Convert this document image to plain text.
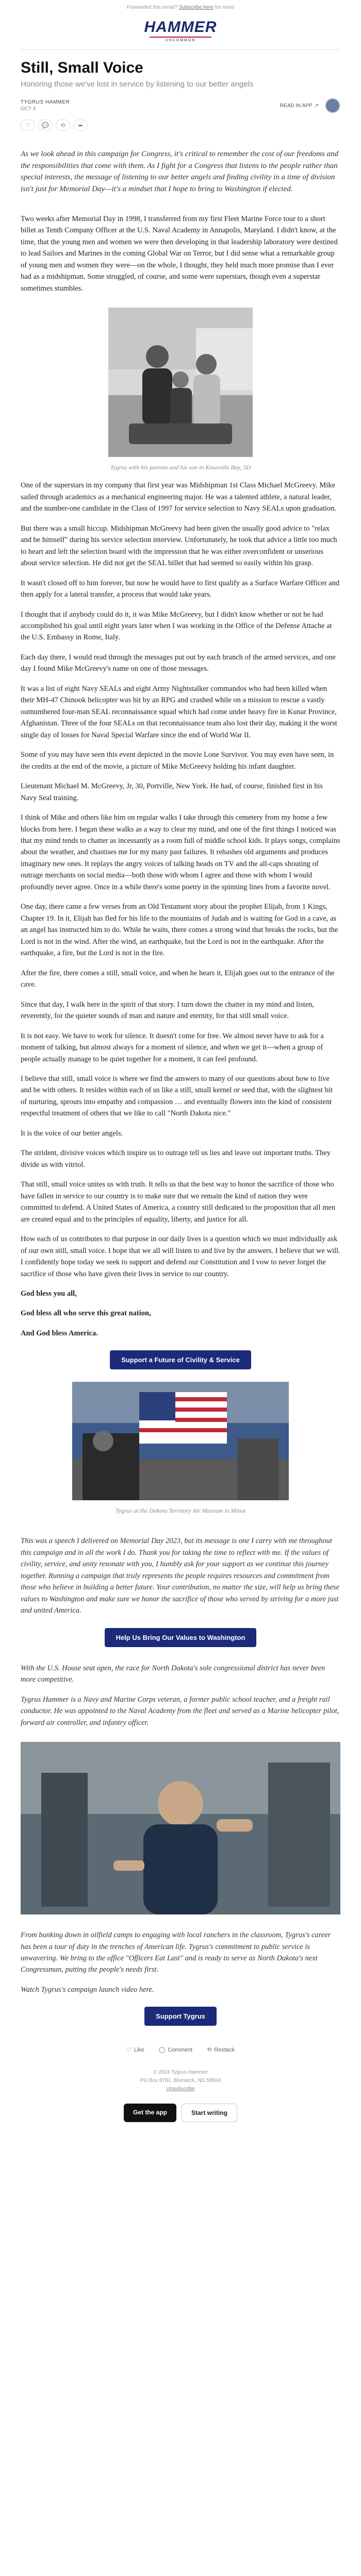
Forwarded this email? Subscribe here for more
HAMMER
UNCOMMON
Still, Small Voice
Honoring those we've lost in service by listening to our better angels
TYGRUS HAMMER
OCT 4
READ IN APP ↗
♡	💬	⟲	➦

As we look ahead in this campaign for Congress, it's critical to remember the cost of our freedoms and the responsibilities that come with them. As I fight for a Congress that listens to the people rather than special interests, the message of listening to our better angels and finding civility in a time of division isn't just for Memorial Day—it's a mindset that I hope to bring to Washington if elected.

Two weeks after Memorial Day in 1998, I transferred from my first Fleet Marine Force tour to a short billet as Tenth Company Officer at the U.S. Naval Academy in Annapolis, Maryland. I didn't know, at the time, that the young men and women we were then developing in that leadership laboratory were destined to lead Sailors and Marines in the coming Global War on Terror, but I did sense what a remarkable group of young men and women they were—on the whole, I thought, they held much more promise than I ever had as a midshipman. Some struggled, of course, and some were superstars, though even a superstar sometimes stumbles.

Tygrus with his parents and his son in Knoxville Bay, SD

One of the superstars in my company that first year was Midshipman 1st Class Michael McGreevy. Mike sailed through academics as a mechanical engineering major. He was a talented athlete, a natural leader, and the number-one candidate in the Class of 1997 for service selection to Navy SEALs upon graduation.

But there was a small hiccup. Midshipman McGreevy had been given the usually good advice to "relax and be himself" during his service selection interview. Unfortunately, he took that advice a little too much to heart and left the selection board with the impression that he was either overconfident or unserious about service selection. He did not get the SEAL billet that had seemed so easily within his grasp.

It wasn't closed off to him forever, but now he would have to first qualify as a Surface Warfare Officer and then apply for a lateral transfer, a process that would take years.

I thought that if anybody could do it, it was Mike McGreevy, but I didn't know whether or not he had accomplished his goal until eight years later when I was working in the Office of the Defense Attache at the U.S. Embassy in Rome, Italy.

Each day there, I would read through the messages put out by each branch of the armed services, and one day I found Mike McGreevy's name on one of those messages.

It was a list of eight Navy SEALs and eight Army Nightstalker commandos who had been killed when their MH-47 Chinook helicopter was hit by an RPG and crashed while on a mission to rescue a vastly outnumbered four-man SEAL reconnaissance squad which had come under heavy fire in Kunar Province, Afghanistan. Three of the four SEALs on that reconnaissance team also lost their day, making it the worst single day of losses for Naval Special Warfare since the end of World War II.

Some of you may have seen this event depicted in the movie Lone Survivor. You may even have seen, in the credits at the end of the movie, a picture of Mike McGreevy holding his infant daughter.

Lieutenant Michael M. McGreevy, Jr, 30, Portville, New York. He had, of course, finished first in his Navy Seal training.

I think of Mike and others like him on regular walks I take through this cemetery from my home a few blocks from here. I began these walks as a way to clear my mind, and one of the first things I noticed was that my mind tends to chatter as incessantly as a room full of middle school kids. It plays songs, complains about the weather, and chastises me for my many past failures. It rehashes old arguments and produces imaginary new ones. It replays the angry voices of talking heads on TV and the all-caps shouting of outrage merchants on social media—both those with whom I agree and those with whom I would profoundly never agree. Once in a while there's some poetry in the spinning lines from a favorite novel.

One day, there came a few verses from an Old Testament story about the prophet Elijah, from 1 Kings, Chapter 19. In it, Elijah has fled for his life to the mountains of Judah and is waiting for God in a cave, as an angel has instructed him to do. While he waits, there comes a strong wind that breaks the rocks, but the Lord is not in the wind. After the wind, an earthquake, but the Lord is not in the earthquake. After the earthquake, a fire, but the Lord is not in the fire.

After the fire, there comes a still, small voice, and when he hears it, Elijah goes out to the entrance of the cave.

Since that day, I walk here in the spirit of that story. I turn down the chatter in my mind and listen, reverently, for the quieter sounds of man and nature and eternity, for that still small voice.

It is not easy. We have to work for silence. It doesn't come for free. We almost never have to ask for a moment of talking, but almost always for a moment of silence, and when we get it—when a group of people actually manage to be quiet together for a moment, it can feel profound.

I believe that still, small voice is where we find the answers to many of our questions about how to live and be with others. It resides within each of us like a still, small kernel or seed that, with the slightest bit of nurturing, sprouts into empathy and compassion … and eventually flowers into the kind of consistent respectful treatment of others that we like to call "North Dakota nice."

It is the voice of our better angels.

The strident, divisive voices which inspire us to outrage tell us lies and leave out important truths. They divide us with vitriol.

That still, small voice unites us with truth. It tells us that the best way to honor the sacrifice of those who have fallen in service to our country is to make sure that we remain the kind of nation they were committed to defend. A United States of America, a country still dedicated to the proposition that all men are created equal and to the principles of equality, liberty, and justice for all.

How each of us contributes to that purpose in our daily lives is a question which we must individually ask of our own still, small voice. I hope that we all will listen to and live by the answers. I believe that we will. I confidently hope today we seek to support and defend our Constitution and I vow to never forget the sacrifice of those who have given their lives in service to our country.

God bless you all,

God bless all who serve this great nation,

And God bless America.

Support a Future of Civility & Service
Tygrus at the Dakota Territory Air Museum in Minot

This was a speech I delivered on Memorial Day 2023, but its message is one I carry with me throughout this campaign and in all the work I do. Thank you for taking the time to reflect with me. If the values of civility, service, and unity resonate with you, I humbly ask for your support as we continue this journey together. Running a campaign that truly represents the people requires resources and commitment from those who believe in building a better future. Your contribution, no matter the size, will help us bring these values to Washington and make sure we honor the sacrifice of those who served by striving for a more just and united America.

Help Us Bring Our Values to Washington

With the U.S. House seat open, the race for North Dakota's sole congressional district has never been more competitive.

Tygrus Hammer is a Navy and Marine Corps veteran, a former public school teacher, and a freight rail conductor. He was appointed to the Naval Academy from the fleet and served as a Marine helicopter pilot, forward air controller, and infantry officer.

From bunking down in oilfield camps to engaging with local ranchers in the classroom, Tygrus's career has been a tour of duty in the trenches of American life. Tygrus's commitment to public service is unwavering. We bring to the office "Officers Eat Last" and is ready to serve as North Dakota's next Congressman, putting the people's needs first.

Watch Tygrus's campaign launch video here.

Support Tygrus
♡ Like	◯ Comment	⟲ Restack
© 2024 Tygrus Hammer
PO Box 8782, Bismarck, ND 58504
Unsubscribe
Get the app	Start writing
